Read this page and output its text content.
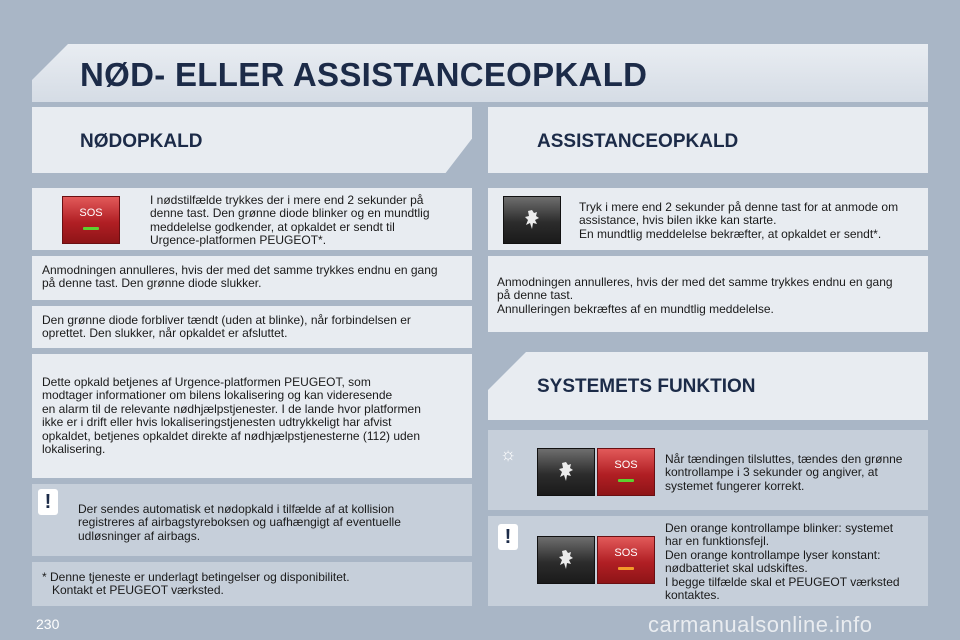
NØD- ELLER ASSISTANCEOPKALD
NØDOPKALD
SOS
I nødstilfælde trykkes der i mere end 2 sekunder på
denne tast. Den grønne diode blinker og en mundtlig
meddelelse godkender, at opkaldet er sendt til
Urgence-platformen PEUGEOT*.
Anmodningen annulleres, hvis der med det samme trykkes endnu en gang
på denne tast. Den grønne diode slukker.
Den grønne diode forbliver tændt (uden at blinke), når forbindelsen er
oprettet. Den slukker, når opkaldet er afsluttet.
Dette opkald betjenes af Urgence-platformen PEUGEOT, som
modtager informationer om bilens lokalisering og kan videresende
en alarm til de relevante nødhjælpstjenester. I de lande hvor platformen
ikke er i drift eller hvis lokaliseringstjenesten udtrykkeligt har afvist
opkaldet, betjenes opkaldet direkte af nødhjælpstjenesterne (112) uden
lokalisering.
!	Der sendes automatisk et nødopkald i tilfælde af at kollision
registreres af airbagstyreboksen og uafhængigt af eventuelle
udløsninger af airbags.
* Denne tjeneste er underlagt betingelser og disponibilitet.
Kontakt et PEUGEOT værksted.
ASSISTANCEOPKALD
Tryk i mere end 2 sekunder på denne tast for at anmode om
assistance, hvis bilen ikke kan starte.
En mundtlig meddelelse bekræfter, at opkaldet er sendt*.
Anmodningen annulleres, hvis der med det samme trykkes endnu en gang
på denne tast.
Annulleringen bekræftes af en mundtlig meddelelse.
SYSTEMETS FUNKTION
☼
SOS Når tændingen tilsluttes, tændes den grønne
kontrollampe i 3 sekunder og angiver, at
systemet fungerer korrekt.
!
SOS
Den orange kontrollampe blinker: systemet
har en funktionsfejl.
Den orange kontrollampe lyser konstant:
nødbatteriet skal udskiftes.
I begge tilfælde skal et PEUGEOT værksted
kontaktes.
230	carmanualsonline.info
